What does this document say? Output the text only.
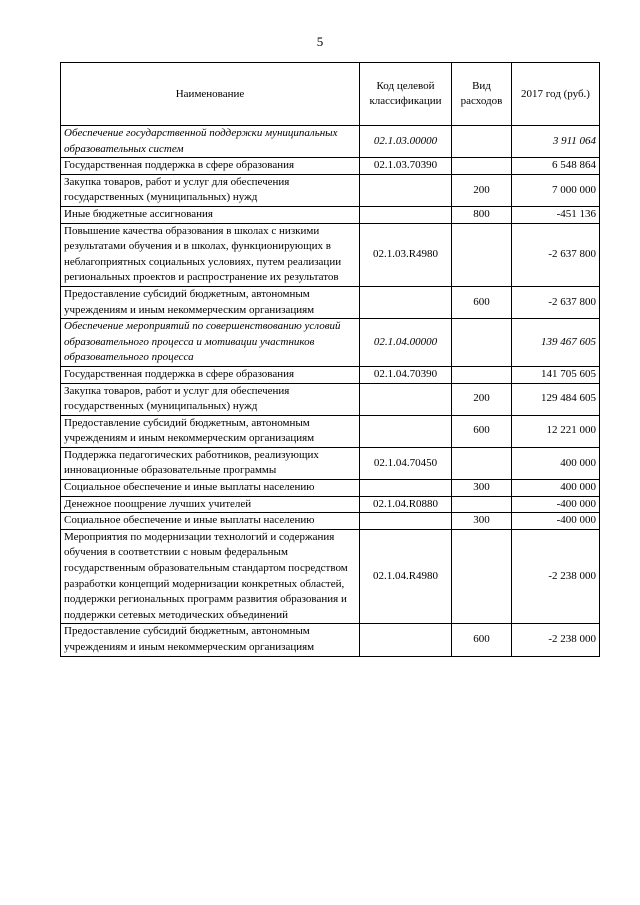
5
Наименование	Код целевой классификации	Вид расходов	2017 год (руб.)
Обеспечение государственной поддержки муниципальных образовательных систем	02.1.03.00000		3 911 064
Государственная поддержка в сфере образования	02.1.03.70390		6 548 864
Закупка товаров, работ и услуг для обеспечения государственных (муниципальных) нужд		200	7 000 000
Иные бюджетные ассигнования		800	-451 136
Повышение качества образования в школах с низкими результатами обучения и в школах, функционирующих в неблагоприятных социальных условиях, путем реализации региональных проектов и распространение их результатов	02.1.03.R4980		-2 637 800
Предоставление субсидий бюджетным, автономным учреждениям и иным некоммерческим организациям		600	-2 637 800
Обеспечение мероприятий по совершенствованию условий образовательного процесса и мотивации участников образовательного процесса	02.1.04.00000		139 467 605
Государственная поддержка в сфере образования	02.1.04.70390		141 705 605
Закупка товаров, работ и услуг для обеспечения государственных (муниципальных) нужд		200	129 484 605
Предоставление субсидий бюджетным, автономным учреждениям и иным некоммерческим организациям		600	12 221 000
Поддержка педагогических работников, реализующих инновационные образовательные программы	02.1.04.70450		400 000
Социальное обеспечение и иные выплаты населению		300	400 000
Денежное поощрение лучших учителей	02.1.04.R0880		-400 000
Социальное обеспечение и иные выплаты населению		300	-400 000
Мероприятия по модернизации технологий и содержания обучения в соответствии с новым федеральным государственным образовательным стандартом посредством разработки концепций модернизации конкретных областей, поддержки региональных программ развития образования и поддержки сетевых методических объединений	02.1.04.R4980		-2 238 000
Предоставление субсидий бюджетным, автономным учреждениям и иным некоммерческим организациям		600	-2 238 000
